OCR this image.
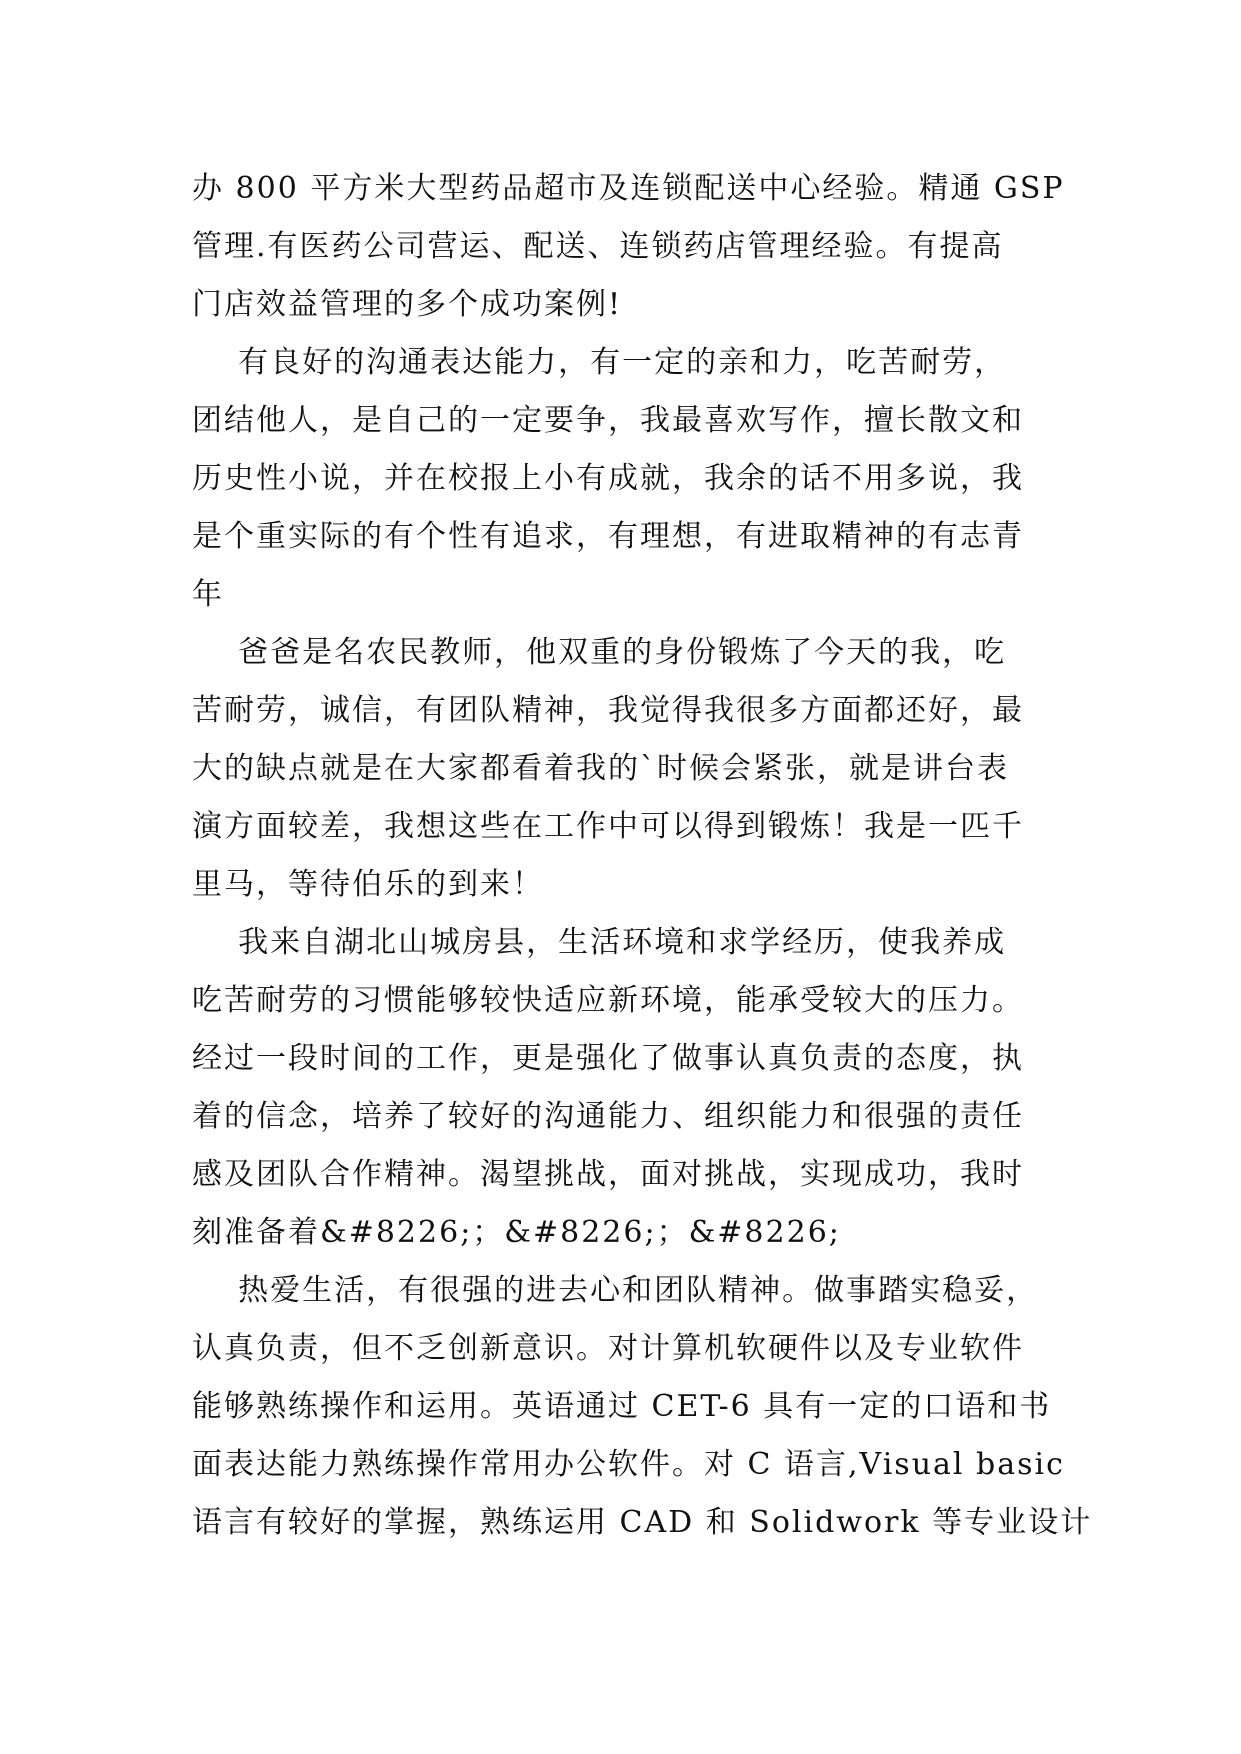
办 800 平方米大型药品超市及连锁配送中心经验。精通 GSP
管理.有医药公司营运、配送、连锁药店管理经验。有提高
门店效益管理的多个成功案例!
有良好的沟通表达能力，有一定的亲和力，吃苦耐劳，
团结他人，是自己的一定要争，我最喜欢写作，擅长散文和
历史性小说，并在校报上小有成就，我余的话不用多说，我
是个重实际的有个性有追求，有理想，有进取精神的有志青
年
爸爸是名农民教师，他双重的身份锻炼了今天的我，吃
苦耐劳，诚信，有团队精神，我觉得我很多方面都还好，最
大的缺点就是在大家都看着我的`时候会紧张，就是讲台表
演方面较差，我想这些在工作中可以得到锻炼！我是一匹千
里马，等待伯乐的到来！
我来自湖北山城房县，生活环境和求学经历，使我养成
吃苦耐劳的习惯能够较快适应新环境，能承受较大的压力。
经过一段时间的工作，更是强化了做事认真负责的态度，执
着的信念，培养了较好的沟通能力、组织能力和很强的责任
感及团队合作精神。渴望挑战，面对挑战，实现成功，我时
刻准备着&#8226;；&#8226;；&#8226;
热爱生活，有很强的进去心和团队精神。做事踏实稳妥，
认真负责，但不乏创新意识。对计算机软硬件以及专业软件
能够熟练操作和运用。英语通过 CET-6 具有一定的口语和书
面表达能力熟练操作常用办公软件。对 C 语言,Visual basic
语言有较好的掌握，熟练运用 CAD 和 Solidwork 等专业设计
